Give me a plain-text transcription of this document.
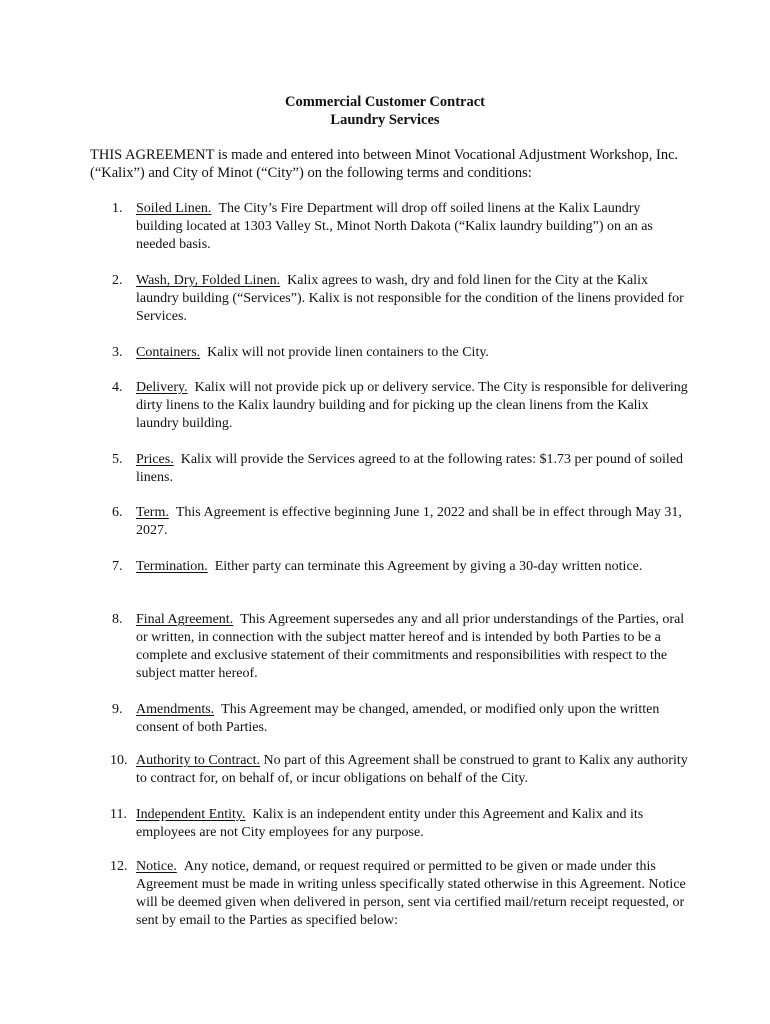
Commercial Customer Contract
Laundry Services
THIS AGREEMENT is made and entered into between Minot Vocational Adjustment Workshop, Inc. (“Kalix”) and City of Minot (“City”) on the following terms and conditions:
1. Soiled Linen. The City’s Fire Department will drop off soiled linens at the Kalix Laundry building located at 1303 Valley St., Minot North Dakota (“Kalix laundry building”) on an as needed basis.
2. Wash, Dry, Folded Linen. Kalix agrees to wash, dry and fold linen for the City at the Kalix laundry building (“Services”). Kalix is not responsible for the condition of the linens provided for Services.
3. Containers. Kalix will not provide linen containers to the City.
4. Delivery. Kalix will not provide pick up or delivery service. The City is responsible for delivering dirty linens to the Kalix laundry building and for picking up the clean linens from the Kalix laundry building.
5. Prices. Kalix will provide the Services agreed to at the following rates: $1.73 per pound of soiled linens.
6. Term. This Agreement is effective beginning June 1, 2022 and shall be in effect through May 31, 2027.
7. Termination. Either party can terminate this Agreement by giving a 30-day written notice.
8. Final Agreement. This Agreement supersedes any and all prior understandings of the Parties, oral or written, in connection with the subject matter hereof and is intended by both Parties to be a complete and exclusive statement of their commitments and responsibilities with respect to the subject matter hereof.
9. Amendments. This Agreement may be changed, amended, or modified only upon the written consent of both Parties.
10. Authority to Contract. No part of this Agreement shall be construed to grant to Kalix any authority to contract for, on behalf of, or incur obligations on behalf of the City.
11. Independent Entity. Kalix is an independent entity under this Agreement and Kalix and its employees are not City employees for any purpose.
12. Notice. Any notice, demand, or request required or permitted to be given or made under this Agreement must be made in writing unless specifically stated otherwise in this Agreement. Notice will be deemed given when delivered in person, sent via certified mail/return receipt requested, or sent by email to the Parties as specified below:
